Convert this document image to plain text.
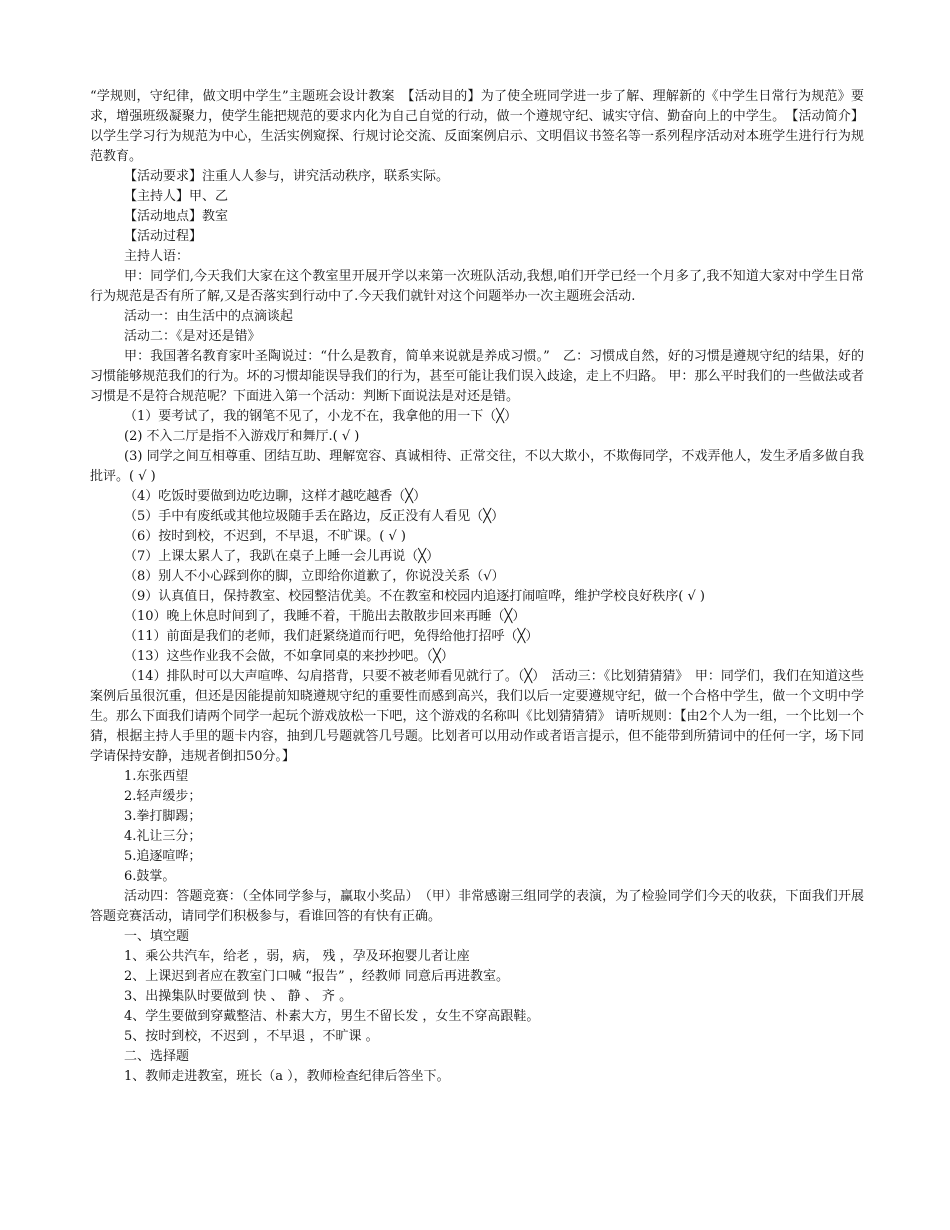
“学规则，守纪律，做文明中学生”主题班会设计教案　【活动目的】为了使全班同学进一步了解、理解新的《中学生日常行为规范》要求，增强班级凝聚力，使学生能把规范的要求内化为自己自觉的行动，做一个遵规守纪、诚实守信、勤奋向上的中学生。　【活动简介】以学生学习行为规范为中心，生活实例窥探、行规讨论交流、反面案例启示、文明倡议书签名等一系列程序活动对本班学生进行行为规范教育。

【活动要求】注重人人参与，讲究活动秩序，联系实际。

【主持人】甲、乙

【活动地点】教室

【活动过程】

主持人语：

甲：同学们,今天我们大家在这个教室里开展开学以来第一次班队活动,我想,咱们开学已经一个月多了,我不知道大家对中学生日常行为规范是否有所了解,又是否落实到行动中了.今天我们就针对这个问题举办一次主题班会活动.

活动一：由生活中的点滴谈起

活动二：《是对还是错》

甲：我国著名教育家叶圣陶说过：“什么是教育，简单来说就是养成习惯。”　乙：习惯成自然，好的习惯是遵规守纪的结果，好的习惯能够规范我们的行为。坏的习惯却能误导我们的行为，甚至可能让我们误入歧途，走上不归路。 甲：那么平时我们的一些做法或者习惯是不是符合规范呢？下面进入第一个活动：判断下面说法是对还是错。

（1）要考试了，我的钢笔不见了，小龙不在，我拿他的用一下（╳）

(2) 不入二厅是指不入游戏厅和舞厅.( √ )

(3) 同学之间互相尊重、团结互助、理解宽容、真诚相待、正常交往，不以大欺小，不欺侮同学，不戏弄他人，发生矛盾多做自我批评。( √ )

（4）吃饭时要做到边吃边聊，这样才越吃越香（╳）

（5）手中有废纸或其他垃圾随手丢在路边，反正没有人看见（╳）

（6）按时到校，不迟到，不早退，不旷课。( √ )

（7）上课太累人了，我趴在桌子上睡一会儿再说（╳）

（8）别人不小心踩到你的脚，立即给你道歉了，你说没关系（√）

（9）认真值日，保持教室、校园整洁优美。不在教室和校园内追逐打闹喧哗，维护学校良好秩序( √ )

（10）晚上休息时间到了，我睡不着，干脆出去散散步回来再睡（╳）

（11）前面是我们的老师，我们赶紧绕道而行吧，免得给他打招呼（╳）

（13）这些作业我不会做，不如拿同桌的来抄抄吧。（╳）

（14）排队时可以大声喧哗、勾肩搭背，只要不被老师看见就行了。（╳）　活动三：《比划猜猜猜》　甲：同学们，我们在知道这些案例后虽很沉重，但还是因能提前知晓遵规守纪的重要性而感到高兴，我们以后一定要遵规守纪，做一个合格中学生，做一个文明中学生。那么下面我们请两个同学一起玩个游戏放松一下吧，这个游戏的名称叫《比划猜猜猜》 请听规则：【由2个人为一组，一个比划一个猜，根据主持人手里的题卡内容，抽到几号题就答几号题。比划者可以用动作或者语言提示，但不能带到所猜词中的任何一字，场下同学请保持安静，违规者倒扣50分。】

1.东张西望

2.轻声缓步；

3.拳打脚踢；

4.礼让三分；

5.追逐喧哗；

6.鼓掌。

活动四：答题竞赛：（全体同学参与，赢取小奖品）　（甲）非常感谢三组同学的表演，为了检验同学们今天的收获，下面我们开展答题竞赛活动，请同学们积极参与，看谁回答的有快有正确。

一、填空题

1、乘公共汽车，给老 ，弱，病， 残 ，孕及环抱婴儿者让座

2、上课迟到者应在教室门口喊 “报告” ，经教师 同意后再进教室。

3、出操集队时要做到 快 、 静 、 齐 。

4、学生要做到穿戴整洁、朴素大方，男生不留长发 ，女生不穿高跟鞋。

5、按时到校，不迟到 ，不早退 ，不旷课 。

二、选择题

1、教师走进教室，班长（a ），教师检查纪律后答坐下。
